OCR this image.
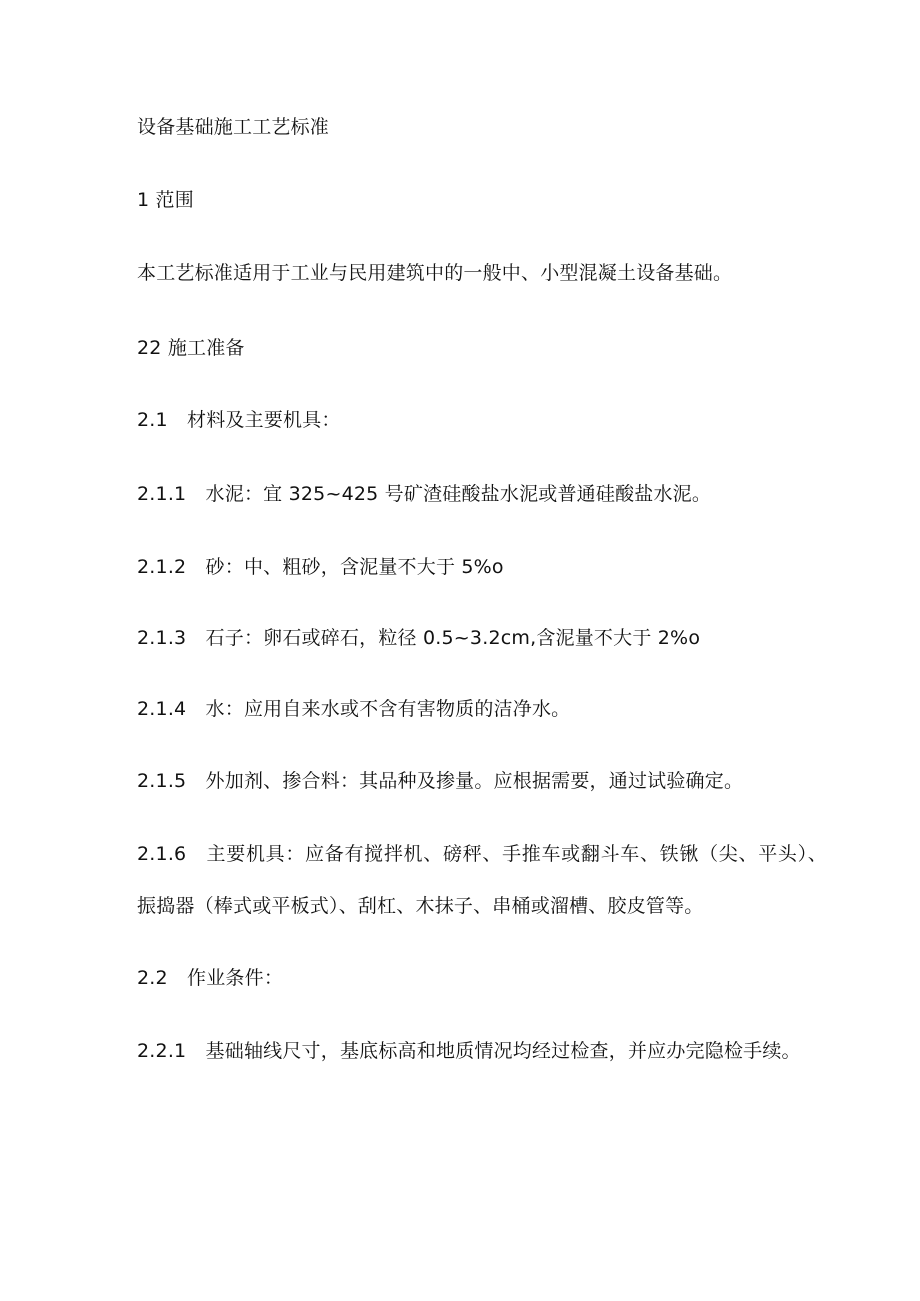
设备基础施工工艺标准
1 范围
本工艺标准适用于工业与民用建筑中的一般中、小型混凝土设备基础。
22 施工准备
2.1　材料及主要机具：
2.1.1　水泥：宜 325~425 号矿渣硅酸盐水泥或普通硅酸盐水泥。
2.1.2　砂：中、粗砂，含泥量不大于 5%o
2.1.3　石子：卵石或碎石，粒径 0.5~3.2cm,含泥量不大于 2%o
2.1.4　水：应用自来水或不含有害物质的洁净水。
2.1.5　外加剂、掺合料：其品种及掺量。应根据需要，通过试验确定。
2.1.6　主要机具：应备有搅拌机、磅秤、手推车或翻斗车、铁锹（尖、平头）、振捣器（棒式或平板式）、刮杠、木抹子、串桶或溜槽、胶皮管等。
2.2　作业条件：
2.2.1　基础轴线尺寸，基底标高和地质情况均经过检查，并应办完隐检手续。
